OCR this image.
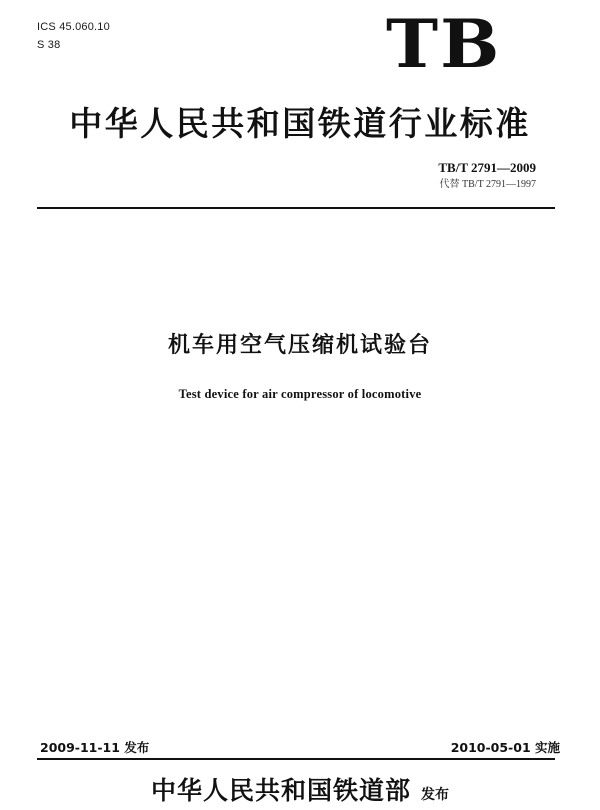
ICS 45.060.10
S 38	TB
中华人民共和国铁道行业标准
TB/T 2791—2009
代替 TB/T 2791—1997
机车用空气压缩机试验台
Test device for air compressor of locomotive
2009-11-11 发布	2010-05-01 实施
中华人民共和国铁道部 发布
